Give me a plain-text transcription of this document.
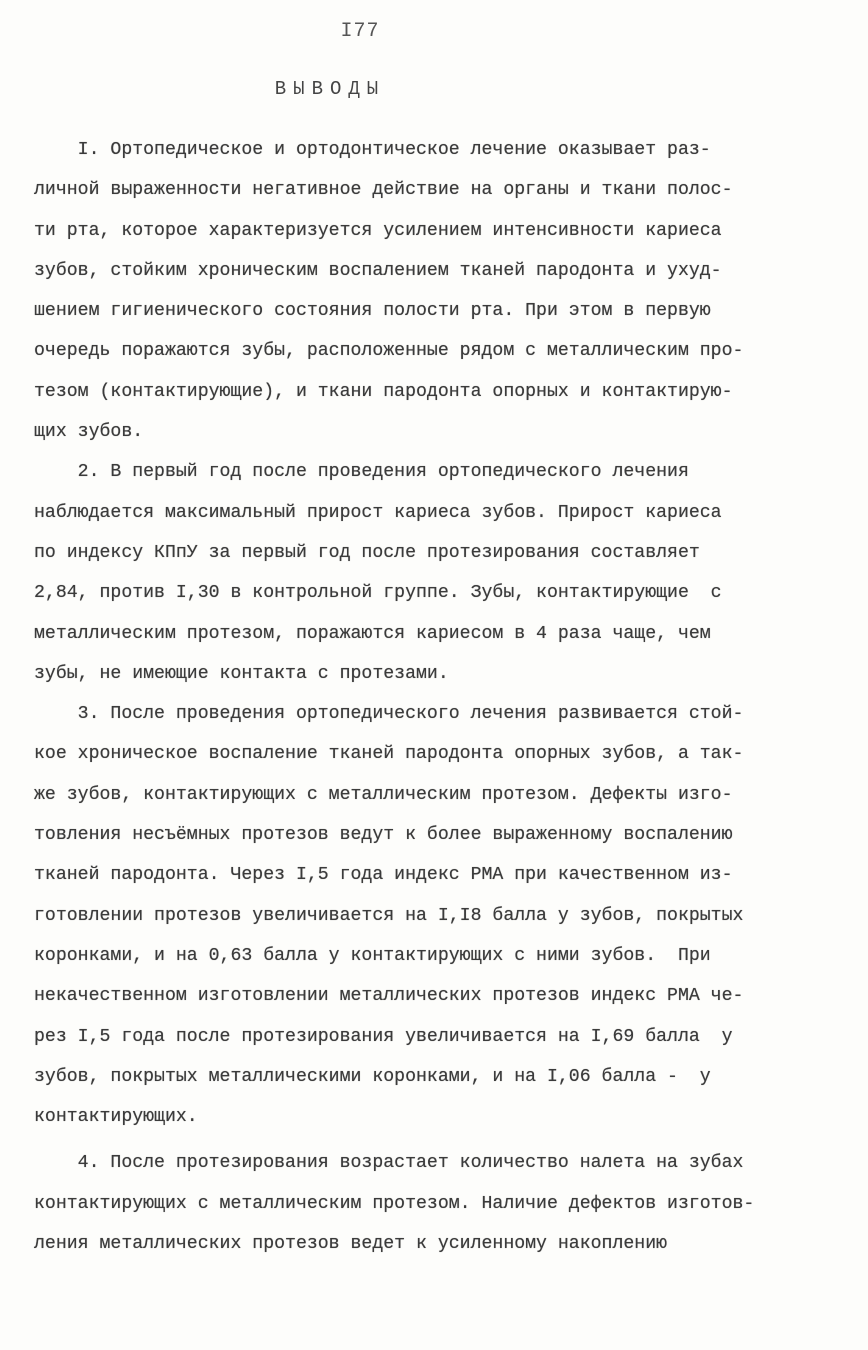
I77
ВЫВОДЫ

I. Ортопедическое и ортодонтическое лечение оказывает раз-

личной выраженности негативное действие на органы и ткани полос-

ти рта, которое характеризуется усилением интенсивности кариеса

зубов, стойким хроническим воспалением тканей пародонта и ухуд-

шением гигиенического состояния полости рта. При этом в первую

очередь поражаются зубы, расположенные рядом с металлическим про-

тезом (контактирующие), и ткани пародонта опорных и контактирую-

щих зубов.

2. В первый год после проведения ортопедического лечения

наблюдается максимальный прирост кариеса зубов. Прирост кариеса

по индексу КПпУ за первый год после протезирования составляет

2,84, против I,30 в контрольной группе. Зубы, контактирующие  с

металлическим протезом, поражаются кариесом в 4 раза чаще, чем

зубы, не имеющие контакта с протезами.

3. После проведения ортопедического лечения развивается стой-

кое хроническое воспаление тканей пародонта опорных зубов, а так-

же зубов, контактирующих с металлическим протезом. Дефекты изго-

товления несъёмных протезов ведут к более выраженному воспалению

тканей пародонта. Через I,5 года индекс РМА при качественном из-

готовлении протезов увеличивается на I,I8 балла у зубов, покрытых

коронками, и на 0,63 балла у контактирующих с ними зубов.  При

некачественном изготовлении металлических протезов индекс РМА че-

рез I,5 года после протезирования увеличивается на I,69 балла  у

зубов, покрытых металлическими коронками, и на I,06 балла -  у

контактирующих.

4. После протезирования возрастает количество налета на зубах

контактирующих с металлическим протезом. Наличие дефектов изготов-

ления металлических протезов ведет к усиленному накоплению
